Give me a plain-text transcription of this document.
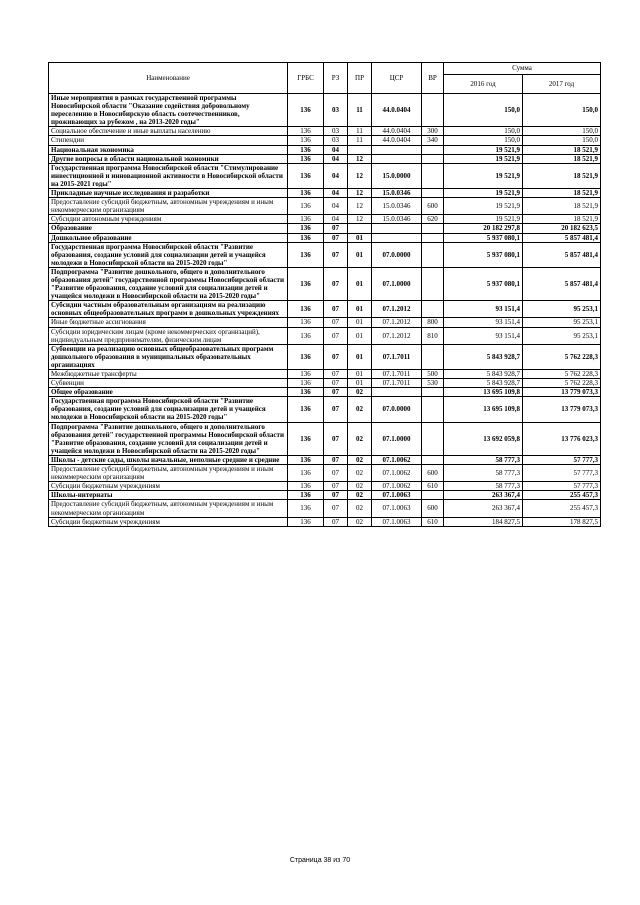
Наименование	ГРБС	РЗ	ПР	ЦСР	ВР	Сумма	
						2016 год	2017 год
Иные мероприятия в рамках государственной программы Новосибирской области "Оказание содействия добровольному переселению в Новосибирскую область соотечественников, проживающих за рубежом , на 2013-2020 годы"	136	03	11	44.0.0404		150,0	150,0
Социальное обеспечение и иные выплаты населению	136	03	11	44.0.0404	300	150,0	150,0
Стипендии	136	03	11	44.0.0404	340	150,0	150,0
Национальная экономика	136	04				19 521,9	18 521,9
Другие вопросы в области национальной экономики	136	04	12			19 521,9	18 521,9
Государственная программа Новосибирской области "Стимулирование инвестиционной и инновационной активности в Новосибирской области на 2015-2021 годы"	136	04	12	15.0.0000		19 521,9	18 521,9
Прикладные научные исследования и разработки	136	04	12	15.0.0346		19 521,9	18 521,9
Предоставление субсидий бюджетным, автономным учреждениям и иным некоммерческим организациям	136	04	12	15.0.0346	600	19 521,9	18 521,9
Субсидии автономным учреждениям	136	04	12	15.0.0346	620	19 521,9	18 521,9
Образование	136	07				20 182 297,8	20 182 623,5
Дошкольное образование	136	07	01			5 937 080,1	5 857 481,4
Государственная программа Новосибирской области "Развитие образования, создание условий для социализации детей и учащейся молодежи в Новосибирской области на 2015-2020 годы"	136	07	01	07.0.0000		5 937 080,1	5 857 481,4
Подпрограмма "Развитие дошкольного, общего и дополнительного образования детей" государственной программы Новосибирской области "Развитие образования, создание условий для социализации детей и учащейся молодежи в Новосибирской области на 2015-2020 годы"	136	07	01	07.1.0000		5 937 080,1	5 857 481,4
Субсидии частным образовательным организациям на реализацию основных общеобразовательных программ в дошкольных учреждениях	136	07	01	07.1.2012		93 151,4	95 253,1
Иные бюджетные ассигнования	136	07	01	07.1.2012	800	93 151,4	95 253,1
Субсидии юридическим лицам (кроме некоммерческих организаций), индивидуальным предпринимателям, физическим лицам	136	07	01	07.1.2012	810	93 151,4	95 253,1
Субвенции на реализацию основных общеобразовательных программ дошкольного образования в муниципальных образовательных организациях	136	07	01	07.1.7011		5 843 928,7	5 762 228,3
Межбюджетные трансферты	136	07	01	07.1.7011	500	5 843 928,7	5 762 228,3
Субвенции	136	07	01	07.1.7011	530	5 843 928,7	5 762 228,3
Общее образование	136	07	02			13 695 109,8	13 779 073,3
Государственная программа Новосибирской области "Развитие образования, создание условий для социализации детей и учащейся молодежи в Новосибирской области на 2015-2020 годы"	136	07	02	07.0.0000		13 695 109,8	13 779 073,3
Подпрограмма "Развитие дошкольного, общего и дополнительного образования детей" государственной программы Новосибирской области "Развитие образования, создание условий для социализации детей и учащейся молодежи в Новосибирской области на 2015-2020 годы"	136	07	02	07.1.0000		13 692 059,8	13 776 023,3
Школы - детские сады, школы начальные, неполные средние и средние	136	07	02	07.1.0062		58 777,3	57 777,3
Предоставление субсидий бюджетным, автономным учреждениям и иным некоммерческим организациям	136	07	02	07.1.0062	600	58 777,3	57 777,3
Субсидии бюджетным учреждениям	136	07	02	07.1.0062	610	58 777,3	57 777,3
Школы-интернаты	136	07	02	07.1.0063		263 367,4	255 457,3
Предоставление субсидий бюджетным, автономным учреждениям и иным некоммерческим организациям	136	07	02	07.1.0063	600	263 367,4	255 457,3
Субсидии бюджетным учреждениям	136	07	02	07.1.0063	610	184 827,5	178 827,5
Страница 38 из 70
